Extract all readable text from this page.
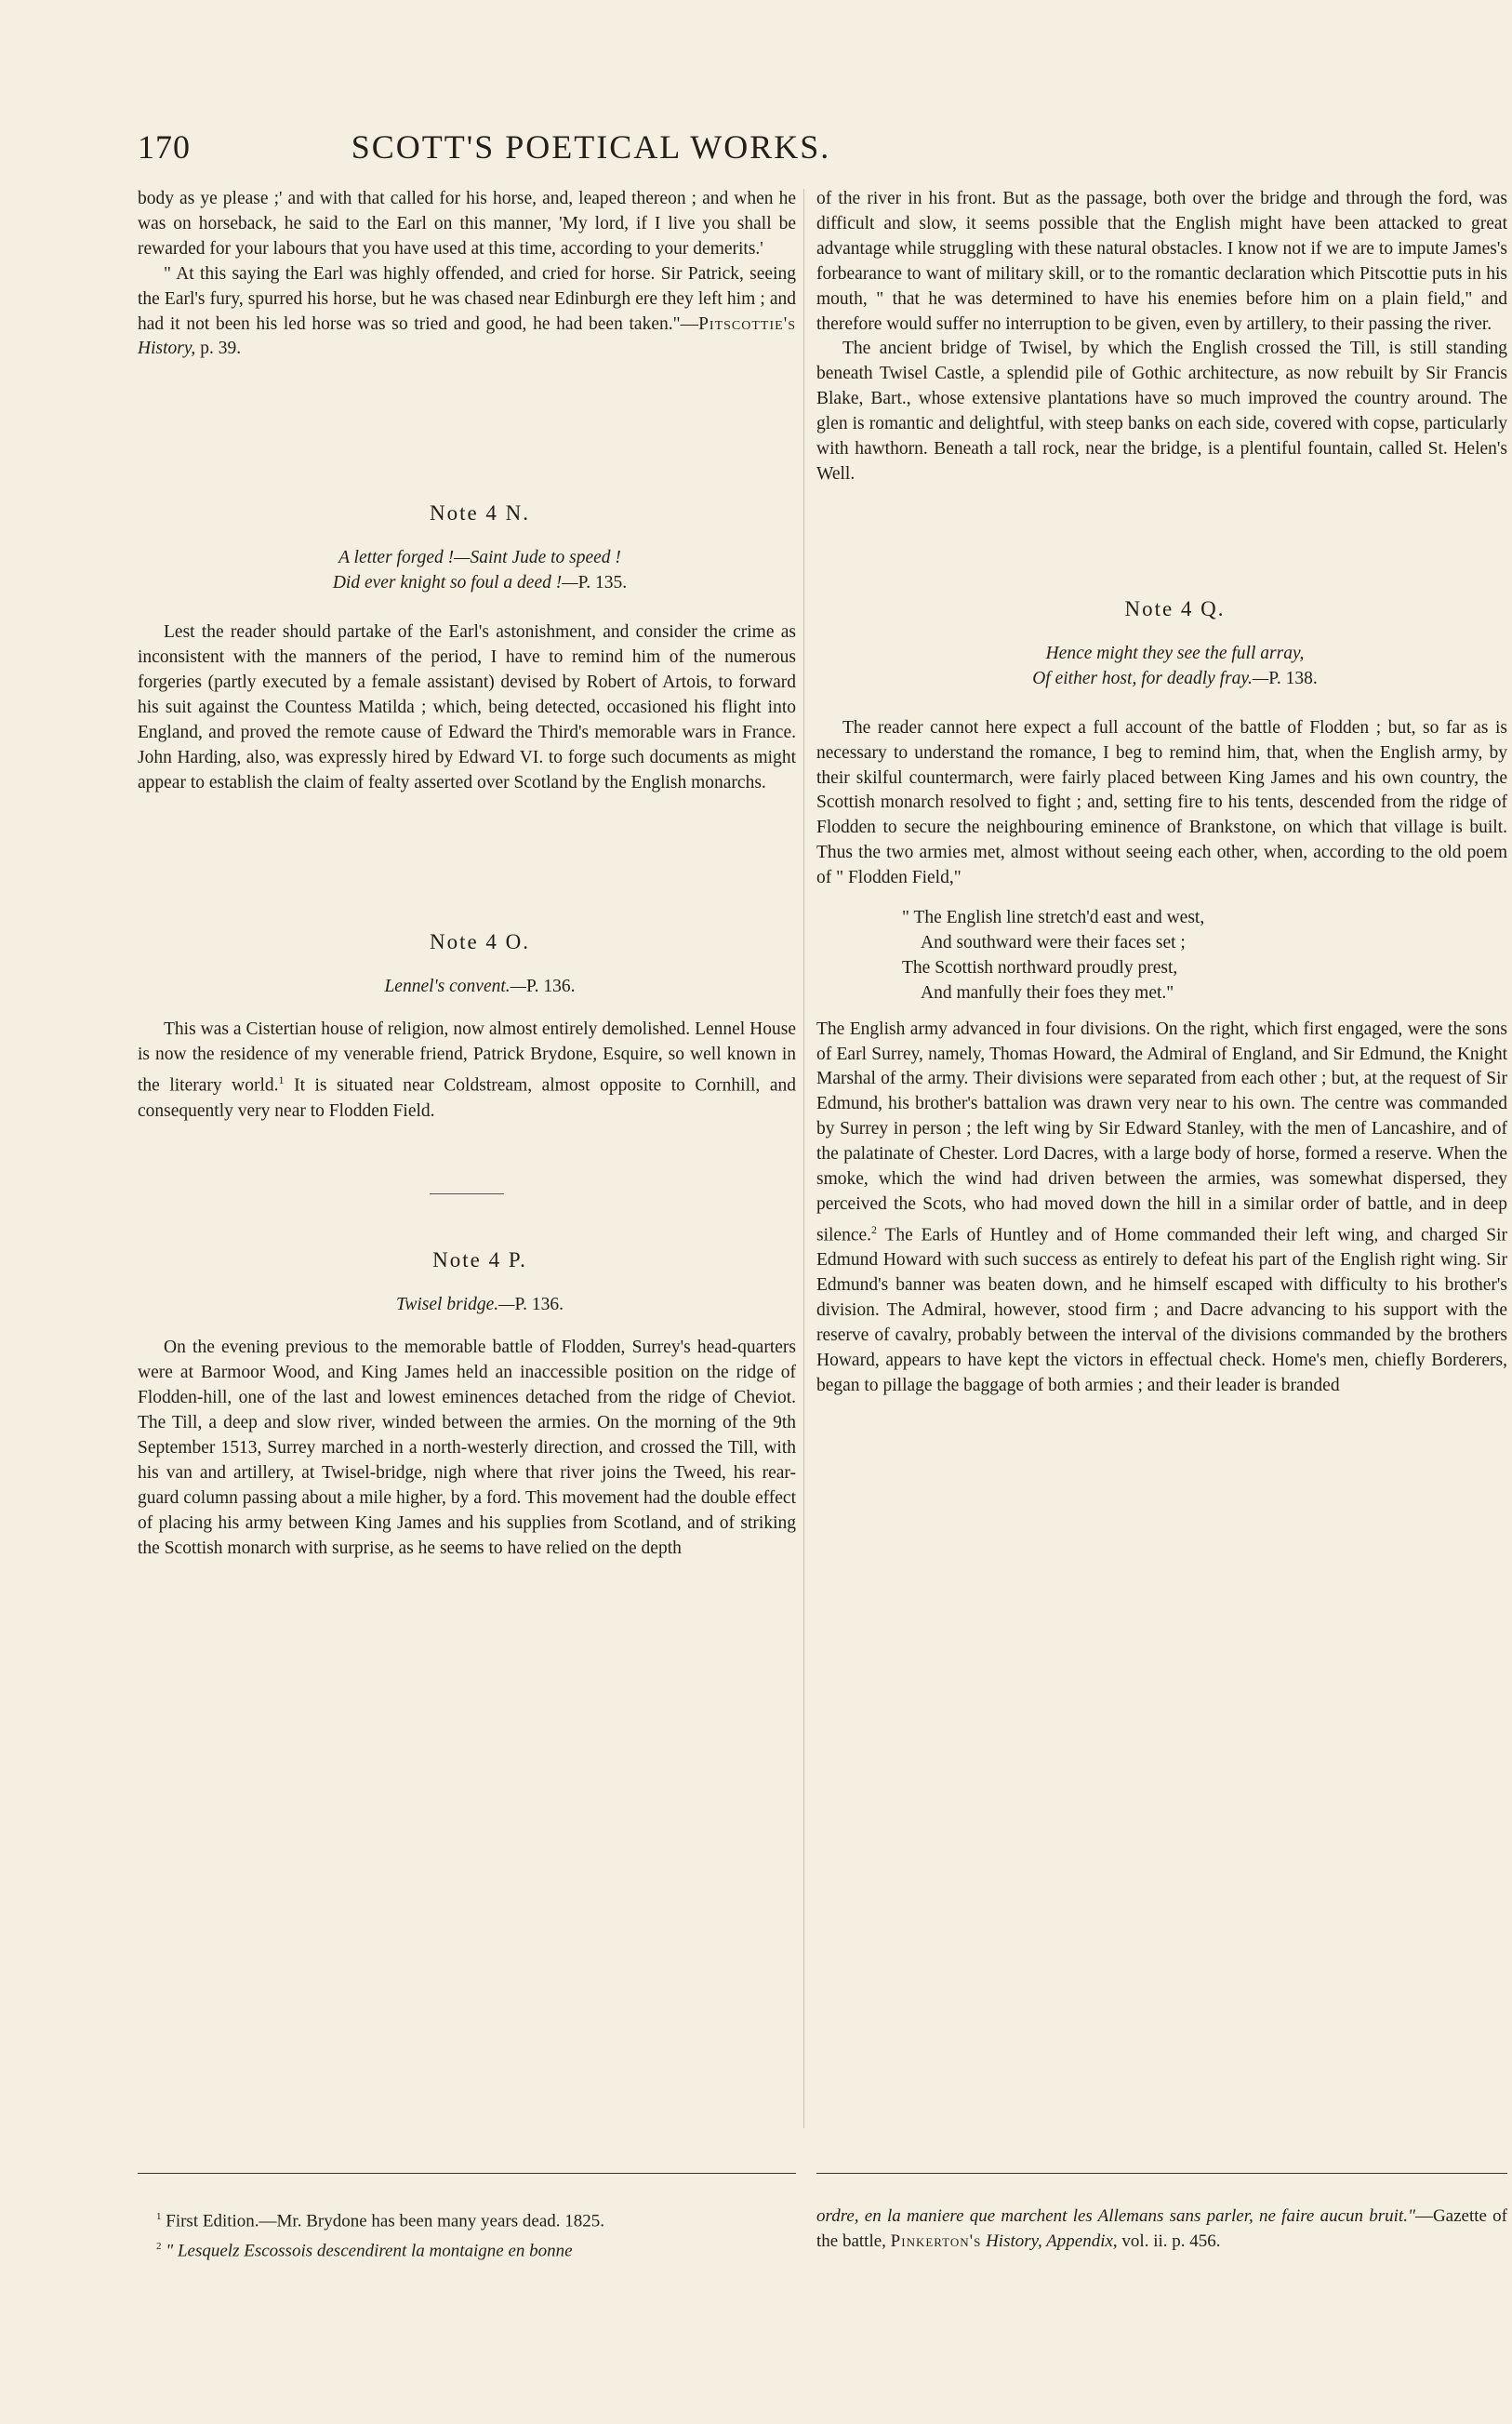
170	SCOTT'S POETICAL WORKS.

body as ye please ;' and with that called for his horse, and, leaped thereon ; and when he was on horseback, he said to the Earl on this manner, 'My lord, if I live you shall be rewarded for your labours that you have used at this time, according to your demerits.'

" At this saying the Earl was highly offended, and cried for horse. Sir Patrick, seeing the Earl's fury, spurred his horse, but he was chased near Edinburgh ere they left him ; and had it not been his led horse was so tried and good, he had been taken."—Pitscottie's History, p. 39.

Note 4 N.

A letter forged !—Saint Jude to speed !

Did ever knight so foul a deed !—P. 135.

Lest the reader should partake of the Earl's astonishment, and consider the crime as inconsistent with the manners of the period, I have to remind him of the numerous forgeries (partly executed by a female assistant) devised by Robert of Artois, to forward his suit against the Countess Matilda ; which, being detected, occasioned his flight into England, and proved the remote cause of Edward the Third's memorable wars in France. John Harding, also, was expressly hired by Edward VI. to forge such documents as might appear to establish the claim of fealty asserted over Scotland by the English monarchs.

Note 4 O.

Lennel's convent.—P. 136.

This was a Cistertian house of religion, now almost entirely demolished. Lennel House is now the residence of my venerable friend, Patrick Brydone, Esquire, so well known in the literary world.$^1$ It is situated near Coldstream, almost opposite to Cornhill, and consequently very near to Flodden Field.

Note 4 P.

Twisel bridge.—P. 136.

On the evening previous to the memorable battle of Flodden, Surrey's head-quarters were at Barmoor Wood, and King James held an inaccessible position on the ridge of Flodden-hill, one of the last and lowest eminences detached from the ridge of Cheviot. The Till, a deep and slow river, winded between the armies. On the morning of the 9th September 1513, Surrey marched in a north-westerly direction, and crossed the Till, with his van and artillery, at Twisel-bridge, nigh where that river joins the Tweed, his rear-guard column passing about a mile higher, by a ford. This movement had the double effect of placing his army between King James and his supplies from Scotland, and of striking the Scottish monarch with surprise, as he seems to have relied on the depth

of the river in his front. But as the passage, both over the bridge and through the ford, was difficult and slow, it seems possible that the English might have been attacked to great advantage while struggling with these natural obstacles. I know not if we are to impute James's forbearance to want of military skill, or to the romantic declaration which Pitscottie puts in his mouth, " that he was determined to have his enemies before him on a plain field," and therefore would suffer no interruption to be given, even by artillery, to their passing the river.

The ancient bridge of Twisel, by which the English crossed the Till, is still standing beneath Twisel Castle, a splendid pile of Gothic architecture, as now rebuilt by Sir Francis Blake, Bart., whose extensive plantations have so much improved the country around. The glen is romantic and delightful, with steep banks on each side, covered with copse, particularly with hawthorn. Beneath a tall rock, near the bridge, is a plentiful fountain, called St. Helen's Well.

Note 4 Q.

Hence might they see the full array,

Of either host, for deadly fray.—P. 138.

The reader cannot here expect a full account of the battle of Flodden ; but, so far as is necessary to understand the romance, I beg to remind him, that, when the English army, by their skilful countermarch, were fairly placed between King James and his own country, the Scottish monarch resolved to fight ; and, setting fire to his tents, descended from the ridge of Flodden to secure the neighbouring eminence of Brankstone, on which that village is built. Thus the two armies met, almost without seeing each other, when, according to the old poem of " Flodden Field,"

" The English line stretch'd east and west,
And southward were their faces set ;
The Scottish northward proudly prest,
And manfully their foes they met."

The English army advanced in four divisions. On the right, which first engaged, were the sons of Earl Surrey, namely, Thomas Howard, the Admiral of England, and Sir Edmund, the Knight Marshal of the army. Their divisions were separated from each other ; but, at the request of Sir Edmund, his brother's battalion was drawn very near to his own. The centre was commanded by Surrey in person ; the left wing by Sir Edward Stanley, with the men of Lancashire, and of the palatinate of Chester. Lord Dacres, with a large body of horse, formed a reserve. When the smoke, which the wind had driven between the armies, was somewhat dispersed, they perceived the Scots, who had moved down the hill in a similar order of battle, and in deep silence.$^2$ The Earls of Huntley and of Home commanded their left wing, and charged Sir Edmund Howard with such success as entirely to defeat his part of the English right wing. Sir Edmund's banner was beaten down, and he himself escaped with difficulty to his brother's division. The Admiral, however, stood firm ; and Dacre advancing to his support with the reserve of cavalry, probably between the interval of the divisions commanded by the brothers Howard, appears to have kept the victors in effectual check. Home's men, chiefly Borderers, began to pillage the baggage of both armies ; and their leader is branded

$^1$ First Edition.—Mr. Brydone has been many years dead. 1825.

$^2$ " Lesquelz Escossois descendirent la montaigne en bonne

ordre, en la maniere que marchent les Allemans sans parler, ne faire aucun bruit."—Gazette of the battle, Pinkerton's History, Appendix, vol. ii. p. 456.
